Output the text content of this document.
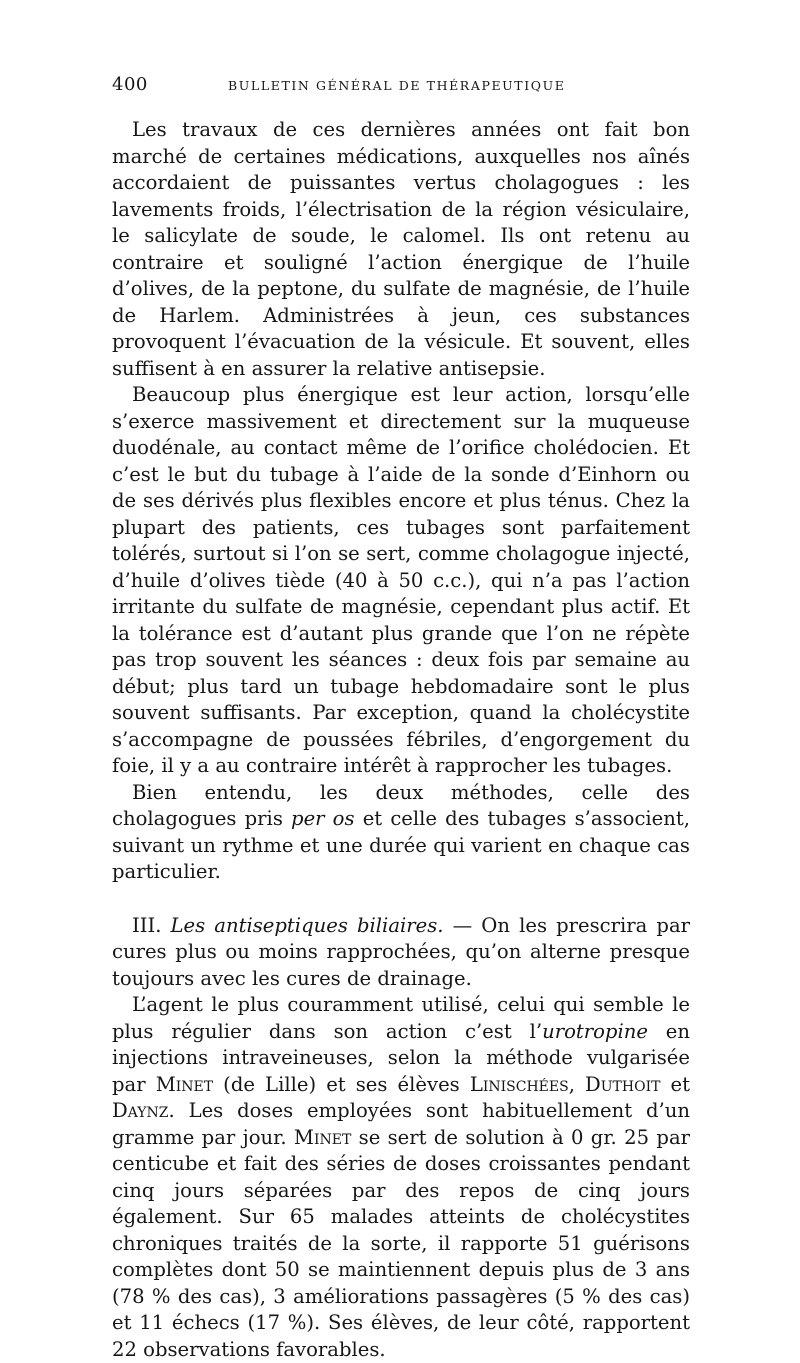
400	BULLETIN GÉNÉRAL DE THÉRAPEUTIQUE

Les travaux de ces dernières années ont fait bon marché de certaines médications, auxquelles nos aînés accordaient de puissantes vertus cholagogues : les lavements froids, l’électrisation de la région vésiculaire, le salicylate de soude, le calomel. Ils ont retenu au contraire et souligné l’action énergique de l’huile d’olives, de la peptone, du sulfate de magnésie, de l’huile de Harlem. Administrées à jeun, ces substances provoquent l’évacuation de la vésicule. Et souvent, elles suffisent à en assurer la relative antisepsie.

Beaucoup plus énergique est leur action, lorsqu’elle s’exerce massivement et directement sur la muqueuse duodénale, au contact même de l’orifice cholédocien. Et c’est le but du tubage à l’aide de la sonde d’Einhorn ou de ses dérivés plus flexibles encore et plus ténus. Chez la plupart des patients, ces tubages sont parfaitement tolérés, surtout si l’on se sert, comme cholagogue injecté, d’huile d’olives tiède (40 à 50 c.c.), qui n’a pas l’action irritante du sulfate de magnésie, cependant plus actif. Et la tolérance est d’autant plus grande que l’on ne répète pas trop souvent les séances : deux fois par semaine au début; plus tard un tubage hebdomadaire sont le plus souvent suffisants. Par exception, quand la cholécystite s’accompagne de poussées fébriles, d’engorgement du foie, il y a au contraire intérêt à rapprocher les tubages.

Bien entendu, les deux méthodes, celle des cholagogues pris per os et celle des tubages s’associent, suivant un rythme et une durée qui varient en chaque cas particulier.

III. Les antiseptiques biliaires. — On les prescrira par cures plus ou moins rapprochées, qu’on alterne presque toujours avec les cures de drainage.

L’agent le plus couramment utilisé, celui qui semble le plus régulier dans son action c’est l’urotropine en injections intraveineuses, selon la méthode vulgarisée par Minet (de Lille) et ses élèves Linischées, Duthoit et Daynz. Les doses employées sont habituellement d’un gramme par jour. Minet se sert de solution à 0 gr. 25 par centicube et fait des séries de doses croissantes pendant cinq jours séparées par des repos de cinq jours également. Sur 65 malades atteints de cholécystites chroniques traités de la sorte, il rapporte 51 guérisons complètes dont 50 se maintiennent depuis plus de 3 ans (78 % des cas), 3 améliorations passagères (5 % des cas) et 11 échecs (17 %). Ses élèves, de leur côté, rapportent 22 observations favorables.
